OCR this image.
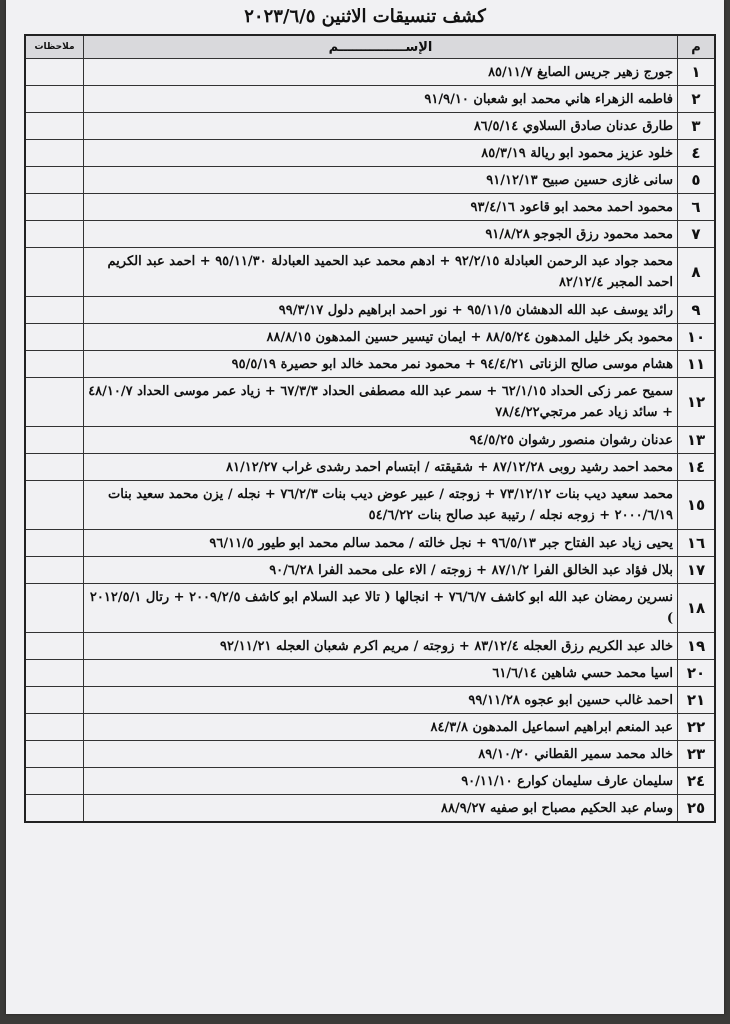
كشف تنسيقات الاثنين ٢٠٢٣/٦/٥
م	الإســـــــــــــــم	ملاحظات
١	جورج زهير جريس الصايغ ٨٥/١١/٧	
٢	فاطمه الزهراء هاني محمد ابو شعبان ٩١/٩/١٠	
٣	طارق عدنان صادق السلاوي ٨٦/٥/١٤	
٤	خلود عزيز محمود ابو ريالة ٨٥/٣/١٩	
٥	سانى غازى حسين صبيح ٩١/١٢/١٣	
٦	محمود احمد محمد ابو قاعود ٩٣/٤/١٦	
٧	محمد محمود رزق الجوجو ٩١/٨/٢٨	
٨	محمد جواد عبد الرحمن العبادلة ٩٢/٢/١٥ + ادهم محمد عبد الحميد العبادلة ٩٥/١١/٣٠ + احمد عبد الكريم احمد المجبر ٨٢/١٢/٤	
٩	رائد يوسف عبد الله الدهشان ٩٥/١١/٥ + نور احمد ابراهيم دلول ٩٩/٣/١٧	
١٠	محمود بكر خليل المدهون ٨٨/٥/٢٤ + ايمان تيسير حسين المدهون ٨٨/٨/١٥	
١١	هشام موسى صالح الزناتى ٩٤/٤/٢١ + محمود نمر محمد خالد ابو حصيرة ٩٥/٥/١٩	
١٢	سميح عمر زكى الحداد ٦٢/١/١٥ + سمر عبد الله مصطفى الحداد ٦٧/٣/٣ + زياد عمر موسى الحداد ٤٨/١٠/٧ + سائد زياد عمر مرتجي٧٨/٤/٢٢	
١٣	عدنان رشوان منصور رشوان ٩٤/٥/٢٥	
١٤	محمد احمد رشيد روبى ٨٧/١٢/٢٨ + شقيقته / ابتسام احمد رشدى غراب ٨١/١٢/٢٧	
١٥	محمد سعيد ديب بنات ٧٣/١٢/١٢ + زوجته / عبير عوض ديب بنات ٧٦/٢/٣ + نجله / يزن محمد سعيد بنات ٢٠٠٠/٦/١٩ + زوجه نجله / رتيبة عبد صالح بنات ٥٤/٦/٢٢	
١٦	يحيى زياد عبد الفتاح جبر ٩٦/٥/١٣ + نجل خالته / محمد سالم محمد ابو طيور ٩٦/١١/٥	
١٧	بلال فؤاد عبد الخالق الفرا ٨٧/١/٢ + زوجته / الاء على محمد الفرا ٩٠/٦/٢٨	
١٨	نسرين رمضان عبد الله ابو كاشف ٧٦/٦/٧ + انجالها ( تالا عبد السلام ابو كاشف ٢٠٠٩/٢/٥ + رتال ٢٠١٢/٥/١ )	
١٩	خالد عبد الكريم رزق العجله ٨٣/١٢/٤ + زوجته / مريم اكرم شعبان العجله ٩٢/١١/٢١	
٢٠	اسيا محمد حسي شاهين ٦١/٦/١٤	
٢١	احمد غالب حسين ابو عجوه ٩٩/١١/٢٨	
٢٢	عبد المنعم ابراهيم اسماعيل المدهون ٨٤/٣/٨	
٢٣	خالد محمد سمير القطاني ٨٩/١٠/٢٠	
٢٤	سليمان عارف سليمان كوارع ٩٠/١١/١٠	
٢٥	وسام عبد الحكيم مصباح ابو صفيه ٨٨/٩/٢٧	
